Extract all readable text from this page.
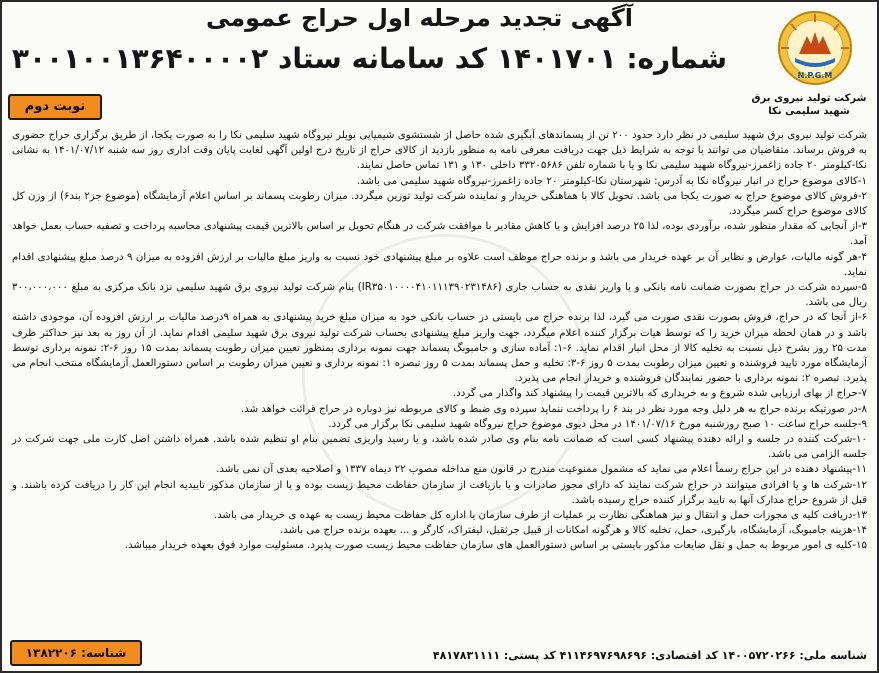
آگهی تجدید مرحله اول حراج عمومی
شماره: ۱۴۰۱۷۰۱ کد سامانه ستاد ۳۰۰۱۰۰۱۳۶۴۰۰۰۰۲
N.P.G.M
شرکت تولید نیروی برق
شهید سلیمی نکا
نوبت دوم

شرکت تولید نیروی برق شهید سلیمی در نظر دارد حدود ۲۰۰ تن از پسماندهای آبگیری شده حاصل از شستشوی شیمیایی بویلر نیروگاه شهید سلیمی نکا را به صورت یکجا، از طریق برگزاری حراج حضوری به فروش برساند. متقاضیان می توانند با توجه به شرایط ذیل جهت دریافت معرفی نامه به منظور بازدید از کالای حراج از تاریخ درج اولین آگهی لغایت پایان وقت اداری روز سه شنبه ۱۴۰۱/۰۷/۱۲ به نشانی نکا-کیلومتر ۲۰ جاده زاغمرز-نیروگاه شهید سلیمی نکا و یا با شماره تلفن ۳۳۲۰۵۶۸۶ داخلی ۱۳۰ و ۱۳۱ تماس حاصل نمایند.

۱-کالای موضوع حراج در انبار نیروگاه نکا به آدرس: شهرستان نکا-کیلومتر ۲۰ جاده زاغمرز-نیروگاه شهید سلیمی می باشد.

۲-فروش کالای موضوع حراج به صورت یکجا می باشد. تحویل کالا با هماهنگی خریدار و نماینده شرکت تولید توزین میگردد. میزان رطوبت پسماند بر اساس اعلام آزمایشگاه (موضوع جز۲ بند۶) از وزن کل کالای موضوع حراج کسر میگردد.

۳-از آنجایی که مقدار منظور شده، برآوردی بوده، لذا ۲۵ درصد افزایش و یا کاهش مقادیر با موافقت شرکت در هنگام تحویل بر اساس بالاترین قیمت پیشنهادی محاسبه پرداخت و تصفیه حساب بعمل خواهد آمد.

۴-هر گونه مالیات، عوارض و نظایر آن بر عهده خریدار می باشد و برنده حراج موظف است علاوه بر مبلغ پیشنهادی خود نسبت به واریز مبلغ مالیات بر ارزش افزوده به میزان ۹ درصد مبلغ پیشنهادی اقدام نماید.

۵-سپرده شرکت در حراج بصورت ضمانت نامه بانکی و یا واریز نقدی به حساب جاری (IR۳۵۰۱۰۰۰۰۴۱۰۱۱۱۳۹۰۲۳۱۴۸۶) بنام شرکت تولید نیروی برق شهید سلیمی نزد بانک مرکزی به مبلغ ۳۰۰،۰۰۰،۰۰۰ ریال می باشد.

۶-از آنجا که در حراج، فروش بصورت نقدی صورت می گیرد، لذا برنده حراج می بایستی در حساب بانکی خود به میزان مبلغ خرید پیشنهادی به همراه ۹درصد مالیات بر ارزش افزوده آن، موجودی داشته باشد و در همان لحظه میزان خرید را که توسط هیات برگزار کننده اعلام میگردد، جهت واریز مبلغ پیشنهادی بحساب شرکت تولید نیروی برق شهید سلیمی اقدام نماید. از آن روز به بعد نیز حداکثر ظرف مدت ۲۵ روز بشرح ذیل نسبت به تخلیه کالا از محل انبار اقدام نماید. ۶-۱: آماده سازی و جامبوبگ پسماند جهت نمونه برداری بمنظور تعیین میزان رطوبت پسماند بمدت ۱۵ روز ۶-۲: نمونه برداری توسط آزمایشگاه مورد تایید فروشنده و تعیین میزان رطوبت بمدت ۵ روز ۶-۳: تخلیه و حمل پسماند بمدت ۵ روز تبصره ۱: نمونه برداری و تعیین میزان رطوبت بر اساس دستورالعمل آزمایشگاه منتخب انجام می پذیرد. تبصره ۲: نمونه برداری با حضور نمایندگان فروشنده و خریدار انجام می پذیرد.

۷-حراج از بهای ارزیابی شده شروع و به خریداری که بالاترین قیمت را پیشنهاد کند واگذار می گردد.

۸-در صورتیکه برنده حراج به هر دلیل وجه مورد نظر در بند ۶ را پرداخت ننماید سپرده وی ضبط و کالای مربوطه نیز دوباره در حراج قرائت خواهد شد.

۹-جلسه حراج ساعت ۱۰ صبح روزشنبه مورخ ۱۴۰۱/۰۷/۱۶ در محل دیوی موضوع حراج نیروگاه شهید سلیمی نکا برگزار می گردد.

۱۰-شرکت کننده در جلسه و ارائه دهنده پیشنهاد کسی است که ضمانت نامه بنام وی صادر شده باشد، و یا رسید واریزی تضمین بنام او تنظیم شده باشد. همراه داشتن اصل کارت ملی جهت شرکت در جلسه الزامی می باشد.

۱۱-پیشنهاد دهنده در این حراج رسماً اعلام می نماید که مشمول ممنوعیت مندرج در قانون منع مداخله مصوب ۲۲ دیماه ۱۳۳۷ و اصلاحیه بعدی آن نمی باشد.

۱۲-شرکت ها و یا افرادی میتوانند در حراج شرکت نمایند که دارای مجوز صادرات و یا بازیافت از سازمان حفاظت محیط زیست بوده و یا از سازمان مذکور تاییدیه انجام این کار را دریافت کرده باشند. و قبل از شروع حراج مدارک آنها به تایید برگزار کننده حراج رسیده باشد.

۱۳-دریافت کلیه ی مجوزات حمل و انتقال و نیز هماهنگی نظارت بر عملیات از طرف سازمان یا اداره کل حفاظت محیط زیست به عهده ی خریدار می باشد.

۱۴-هزینه جامبوبگ، آزمایشگاه، بارگیری، حمل، تخلیه کالا و هرگونه امکانات از قبیل جرثقیل، لیفتراک، کارگر و ... بعهده برنده حراج می باشد.

۱۵-کلیه ی امور مربوط به حمل و نقل ضایعات مذکور بایستی بر اساس دستورالعمل های سازمان حفاظت محیط زیست صورت پذیرد. مسئولیت موارد فوق بعهده خریدار میباشد.

شناسه ملی: ۱۴۰۰۵۷۲۰۲۶۶ کد اقتصادی: ۴۱۱۴۶۹۷۶۹۸۶۹۶ کد پستی: ۴۸۱۷۸۳۱۱۱۱
شناسه: ۱۳۸۲۲۰۶
